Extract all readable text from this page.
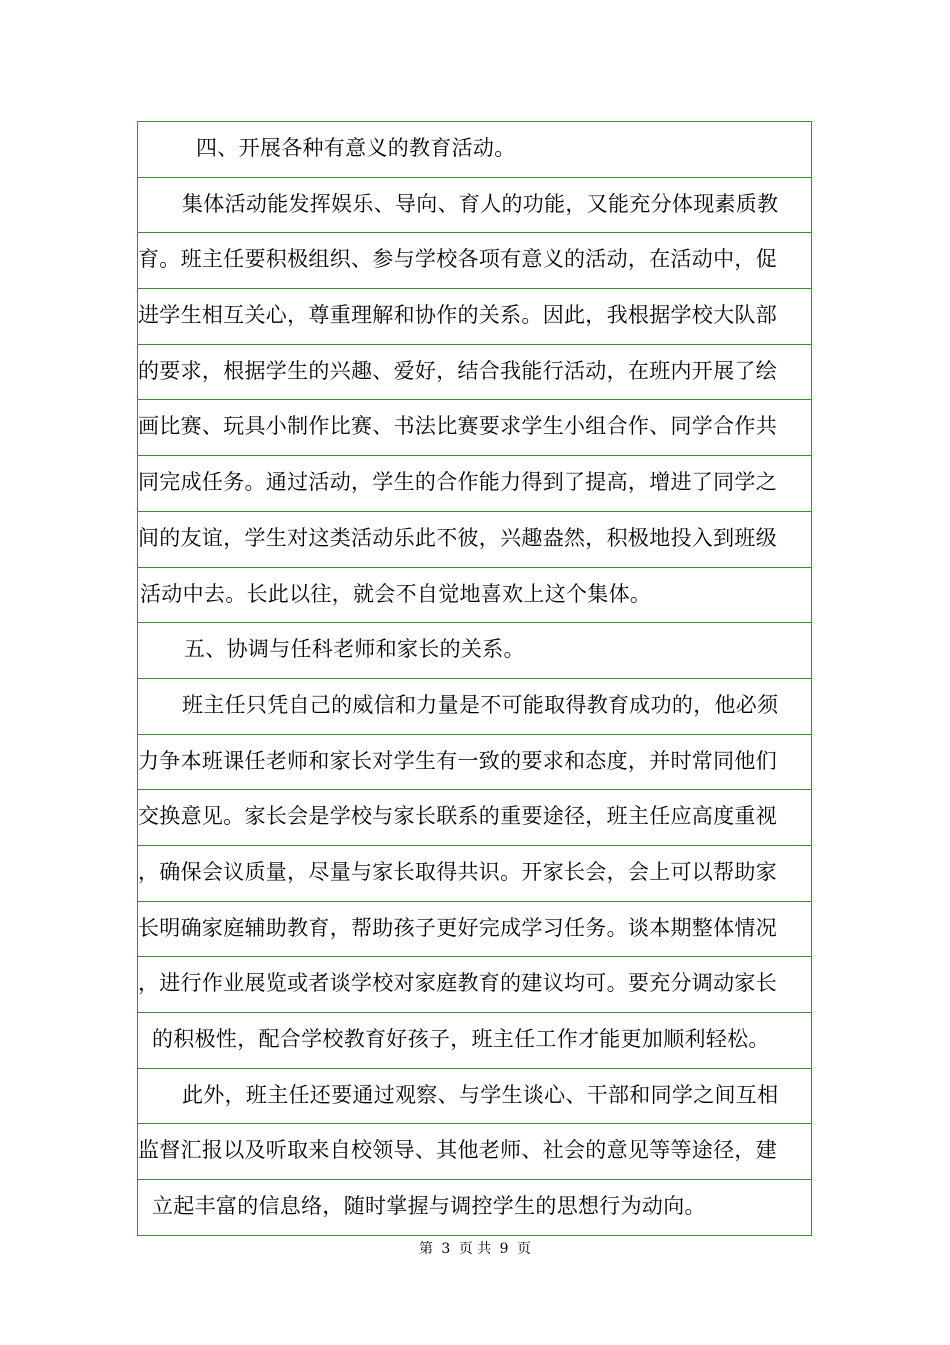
四、开展各种有意义的教育活动。
集体活动能发挥娱乐、导向、育人的功能，又能充分体现素质教
育。班主任要积极组织、参与学校各项有意义的活动，在活动中，促
进学生相互关心，尊重理解和协作的关系。因此，我根据学校大队部
的要求，根据学生的兴趣、爱好，结合我能行活动，在班内开展了绘
画比赛、玩具小制作比赛、书法比赛要求学生小组合作、同学合作共
同完成任务。通过活动，学生的合作能力得到了提高，增进了同学之
间的友谊，学生对这类活动乐此不彼，兴趣盎然，积极地投入到班级
活动中去。长此以往，就会不自觉地喜欢上这个集体。
五、协调与任科老师和家长的关系。
班主任只凭自己的威信和力量是不可能取得教育成功的，他必须
力争本班课任老师和家长对学生有一致的要求和态度，并时常同他们
交换意见。家长会是学校与家长联系的重要途径，班主任应高度重视
，确保会议质量，尽量与家长取得共识。开家长会，会上可以帮助家
长明确家庭辅助教育，帮助孩子更好完成学习任务。谈本期整体情况
，进行作业展览或者谈学校对家庭教育的建议均可。要充分调动家长
的积极性，配合学校教育好孩子，班主任工作才能更加顺利轻松。
此外，班主任还要通过观察、与学生谈心、干部和同学之间互相
监督汇报以及听取来自校领导、其他老师、社会的意见等等途径，建
立起丰富的信息络，随时掌握与调控学生的思想行为动向。
第 3 页 共 9 页
